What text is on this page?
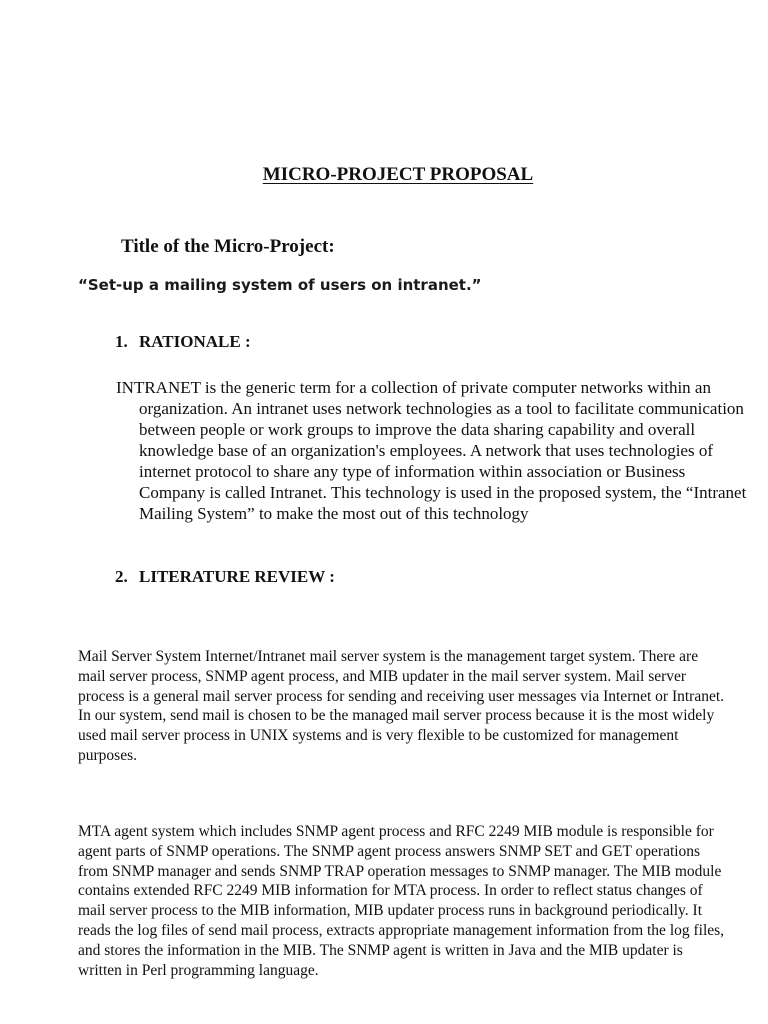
MICRO-PROJECT PROPOSAL
Title of the Micro-Project:

“Set-up a mailing system of users on intranet.”

1. RATIONALE :

INTRANET is the generic term for a collection of private computer networks within an organization. An intranet uses network technologies as a tool to facilitate communication between people or work groups to improve the data sharing capability and overall knowledge base of an organization's employees. A network that uses technologies of internet protocol to share any type of information within association or Business Company is called Intranet. This technology is used in the proposed system, the “Intranet Mailing System” to make the most out of this technology

2. LITERATURE REVIEW :

Mail Server System Internet/Intranet mail server system is the management target system. There are mail server process, SNMP agent process, and MIB updater in the mail server system. Mail server process is a general mail server process for sending and receiving user messages via Internet or Intranet. In our system, send mail is chosen to be the managed mail server process because it is the most widely used mail server process in UNIX systems and is very flexible to be customized for management purposes.

MTA agent system which includes SNMP agent process and RFC 2249 MIB module is responsible for agent parts of SNMP operations. The SNMP agent process answers SNMP SET and GET operations from SNMP manager and sends SNMP TRAP operation messages to SNMP manager. The MIB module contains extended RFC 2249 MIB information for MTA process. In order to reflect status changes of mail server process to the MIB information, MIB updater process runs in background periodically. It reads the log files of send mail process, extracts appropriate management information from the log files, and stores the information in the MIB. The SNMP agent is written in Java and the MIB updater is written in Perl programming language.
